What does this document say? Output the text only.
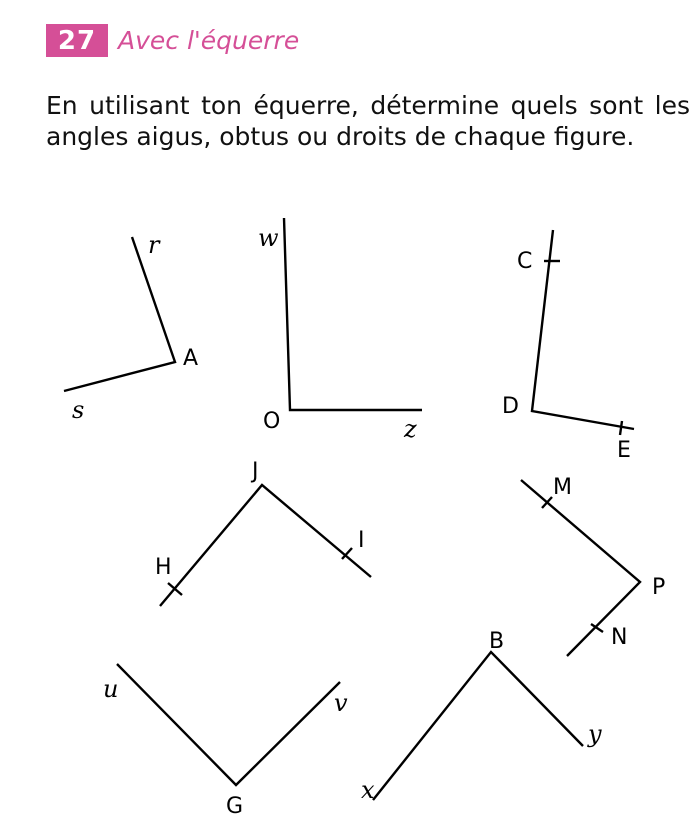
27 Avec l'équerre
En utilisant ton équerre, détermine quels sont les angles aigus, obtus ou droits de chaque figure.
r
A
s
w
O	z
C
D
E
J
H
I
M
P
N
u	v
G
B
x
y
